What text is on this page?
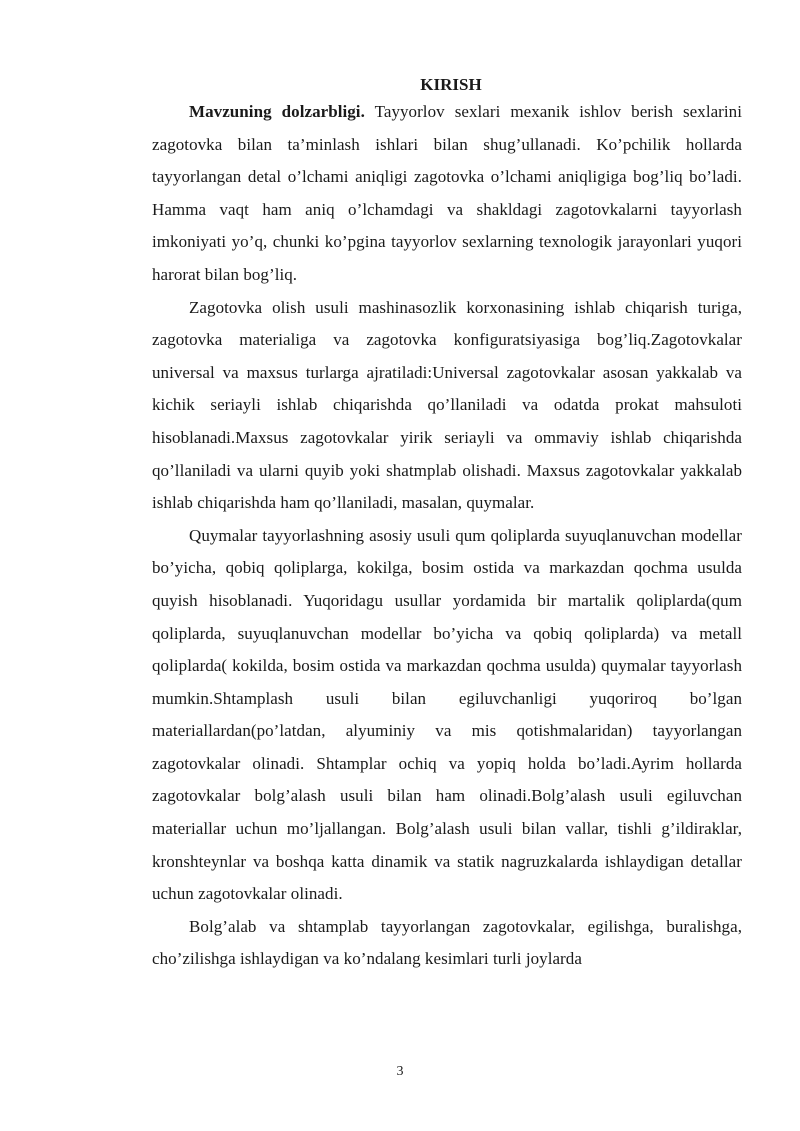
KIRISH

Mavzuning dolzarbligi. Tayyorlov sexlari mexanik ishlov berish sexlarini zagotovka bilan ta’minlash ishlari bilan shug’ullanadi. Ko’pchilik hollarda tayyorlangan detal o’lchami aniqligi zagotovka o’lchami aniqligiga bog’liq bo’ladi. Hamma vaqt ham aniq o’lchamdagi va shakldagi zagotovkalarni tayyorlash imkoniyati yo’q, chunki ko’pgina tayyorlov sexlarning texnologik jarayonlari yuqori harorat bilan bog’liq.

Zagotovka olish usuli mashinasozlik korxonasining ishlab chiqarish turiga, zagotovka materialiga va zagotovka konfiguratsiyasiga bog’liq.Zagotovkalar universal va maxsus turlarga ajratiladi:Universal zagotovkalar asosan yakkalab va kichik seriayli ishlab chiqarishda qo’llaniladi va odatda prokat mahsuloti hisoblanadi.Maxsus zagotovkalar yirik seriayli va ommaviy ishlab chiqarishda qo’llaniladi va ularni quyib yoki shatmplab olishadi. Maxsus zagotovkalar yakkalab ishlab chiqarishda ham qo’llaniladi, masalan, quymalar.

Quymalar tayyorlashning asosiy usuli qum qoliplarda suyuqlanuvchan modellar bo’yicha, qobiq qoliplarga, kokilga, bosim ostida va markazdan qochma usulda quyish hisoblanadi. Yuqoridagu usullar yordamida bir martalik qoliplarda(qum qoliplarda, suyuqlanuvchan modellar bo’yicha va qobiq qoliplarda) va metall qoliplarda( kokilda, bosim ostida va markazdan qochma usulda) quymalar tayyorlash mumkin.Shtamplash usuli bilan egiluvchanligi yuqoriroq bo’lgan materiallardan(po’latdan, alyuminiy va mis qotishmalaridan) tayyorlangan zagotovkalar olinadi. Shtamplar ochiq va yopiq holda bo’ladi.Ayrim hollarda zagotovkalar bolg’alash usuli bilan ham olinadi.Bolg’alash usuli egiluvchan materiallar uchun mo’ljallangan. Bolg’alash usuli bilan vallar, tishli g’ildiraklar, kronshteynlar va boshqa katta dinamik va statik nagruzkalarda ishlaydigan detallar uchun zagotovkalar olinadi.

Bolg’alab va shtamplab tayyorlangan zagotovkalar, egilishga, buralishga, cho’zilishga ishlaydigan va ko’ndalang kesimlari turli joylarda

3
